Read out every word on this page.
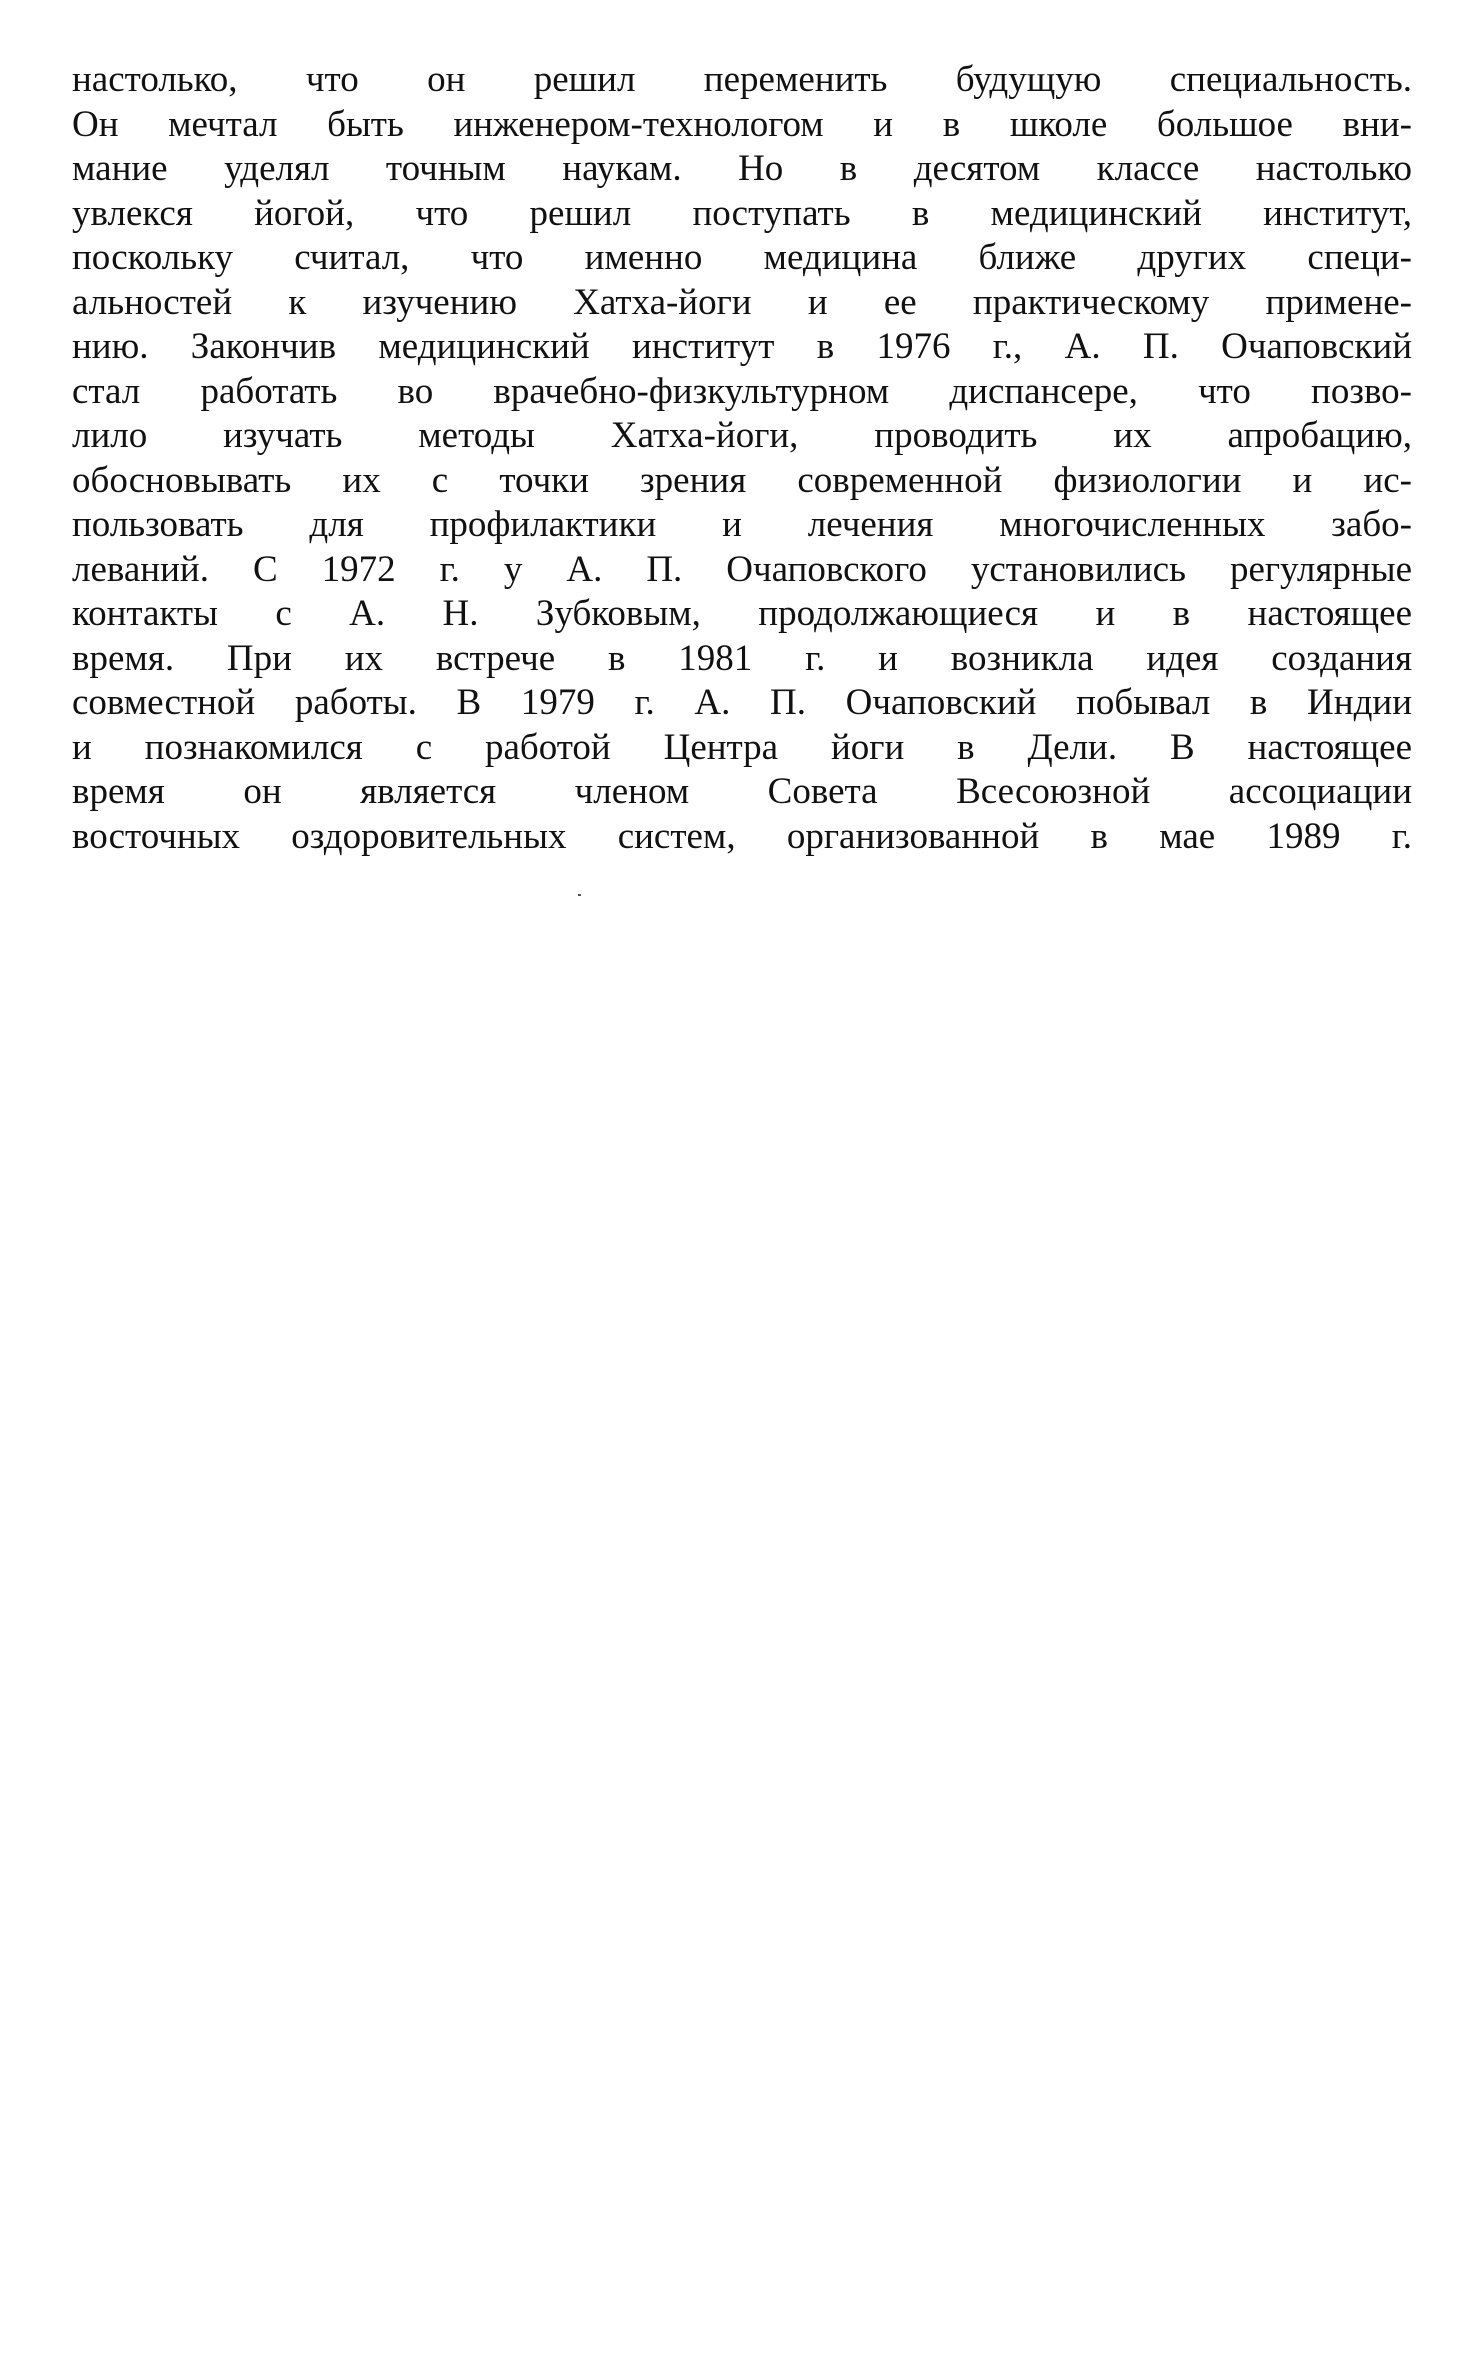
настолько, что он решил переменить будущую специальность.
Он мечтал быть инженером-технологом и в школе большое вни-
мание уделял точным наукам. Но в десятом классе настолько
увлекся йогой, что решил поступать в медицинский институт,
поскольку считал, что именно медицина ближе других специ-
альностей к изучению Хатха-йоги и ее практическому примене-
нию. Закончив медицинский институт в 1976 г., А. П. Очаповский
стал работать во врачебно-физкультурном диспансере, что позво-
лило изучать методы Хатха-йоги, проводить их апробацию,
обосновывать их с точки зрения современной физиологии и ис-
пользовать для профилактики и лечения многочисленных забо-
леваний. С 1972 г. у А. П. Очаповского установились регулярные
контакты с А. Н. Зубковым, продолжающиеся и в настоящее
время. При их встрече в 1981 г. и возникла идея создания
совместной работы. В 1979 г. А. П. Очаповский побывал в Индии
и познакомился с работой Центра йоги в Дели. В настоящее
время он является членом Совета Всесоюзной ассоциации
восточных оздоровительных систем, организованной в мае 1989 г.
